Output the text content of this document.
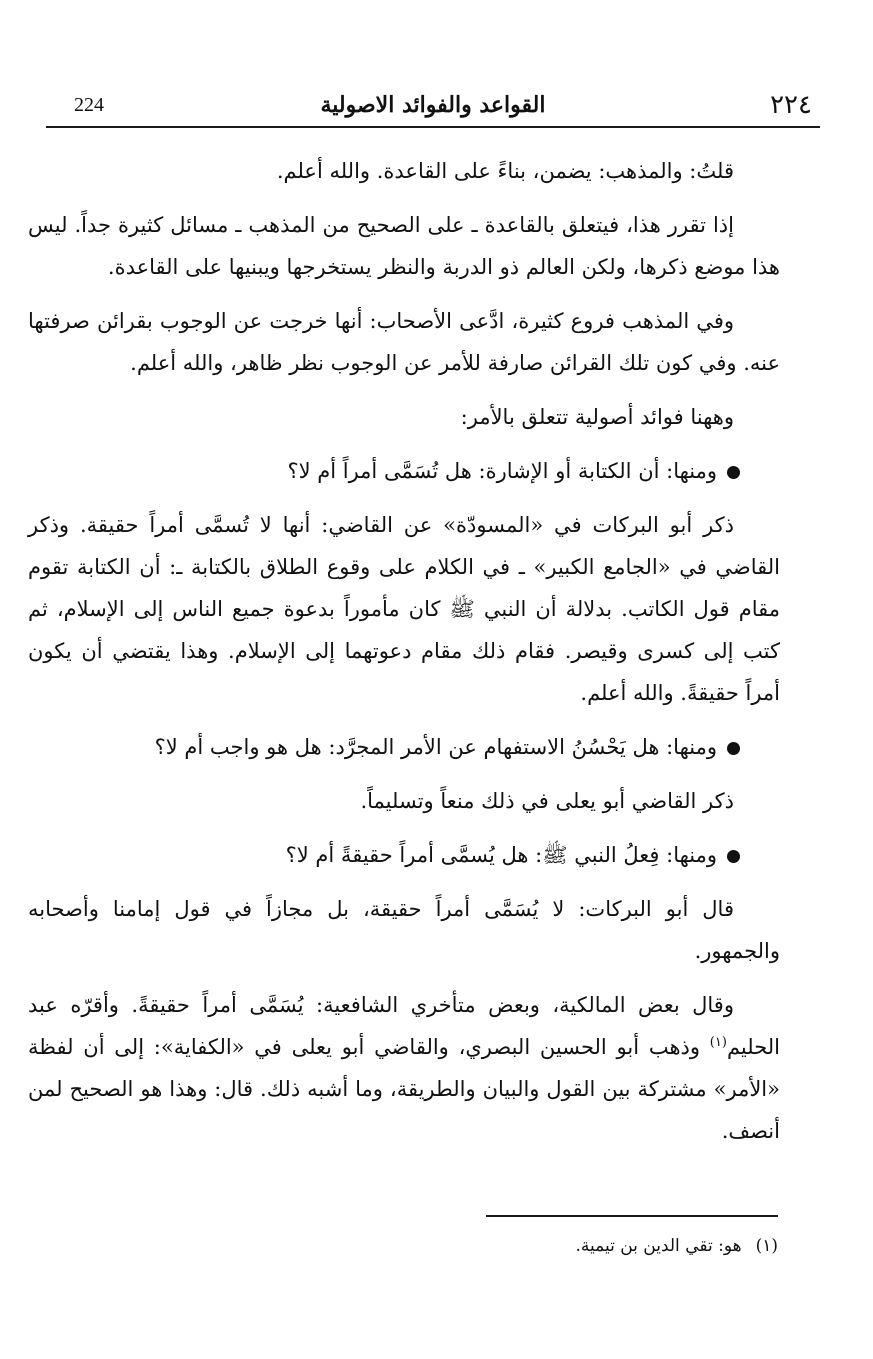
٢٢٤
القواعد والفوائد الاصولية
224

قلتُ: والمذهب: يضمن، بناءً على القاعدة. والله أعلم.

إذا تقرر هذا، فيتعلق بالقاعدة ـ على الصحيح من المذهب ـ مسائل كثيرة جداً. ليس هذا موضع ذكرها، ولكن العالم ذو الدربة والنظر يستخرجها ويبنيها على القاعدة.

وفي المذهب فروع كثيرة، ادَّعى الأصحاب: أنها خرجت عن الوجوب بقرائن صرفتها عنه. وفي كون تلك القرائن صارفة للأمر عن الوجوب نظر ظاهر، والله أعلم.

وههنا فوائد أصولية تتعلق بالأمر:

ومنها: أن الكتابة أو الإشارة: هل تُسَمَّى أمراً أم لا؟

ذكر أبو البركات في «المسودّة» عن القاضي: أنها لا تُسمَّى أمراً حقيقة. وذكر القاضي في «الجامع الكبير» ـ في الكلام على وقوع الطلاق بالكتابة ـ: أن الكتابة تقوم مقام قول الكاتب. بدلالة أن النبي ﷺ كان مأموراً بدعوة جميع الناس إلى الإسلام، ثم كتب إلى كسرى وقيصر. فقام ذلك مقام دعوتهما إلى الإسلام. وهذا يقتضي أن يكون أمراً حقيقةً. والله أعلم.

ومنها: هل يَحْسُنُ الاستفهام عن الأمر المجرَّد: هل هو واجب أم لا؟

ذكر القاضي أبو يعلى في ذلك منعاً وتسليماً.

ومنها: فِعلُ النبي ﷺ: هل يُسمَّى أمراً حقيقةً أم لا؟

قال أبو البركات: لا يُسَمَّى أمراً حقيقة، بل مجازاً في قول إمامنا وأصحابه والجمهور.

وقال بعض المالكية، وبعض متأخري الشافعية: يُسَمَّى أمراً حقيقةً. وأقرّه عبد الحليم$^{(١)}$ وذهب أبو الحسين البصري، والقاضي أبو يعلى في «الكفاية»: إلى أن لفظة «الأمر» مشتركة بين القول والبيان والطريقة، وما أشبه ذلك. قال: وهذا هو الصحيح لمن أنصف.

(١)هو: تقي الدين بن تيمية.
